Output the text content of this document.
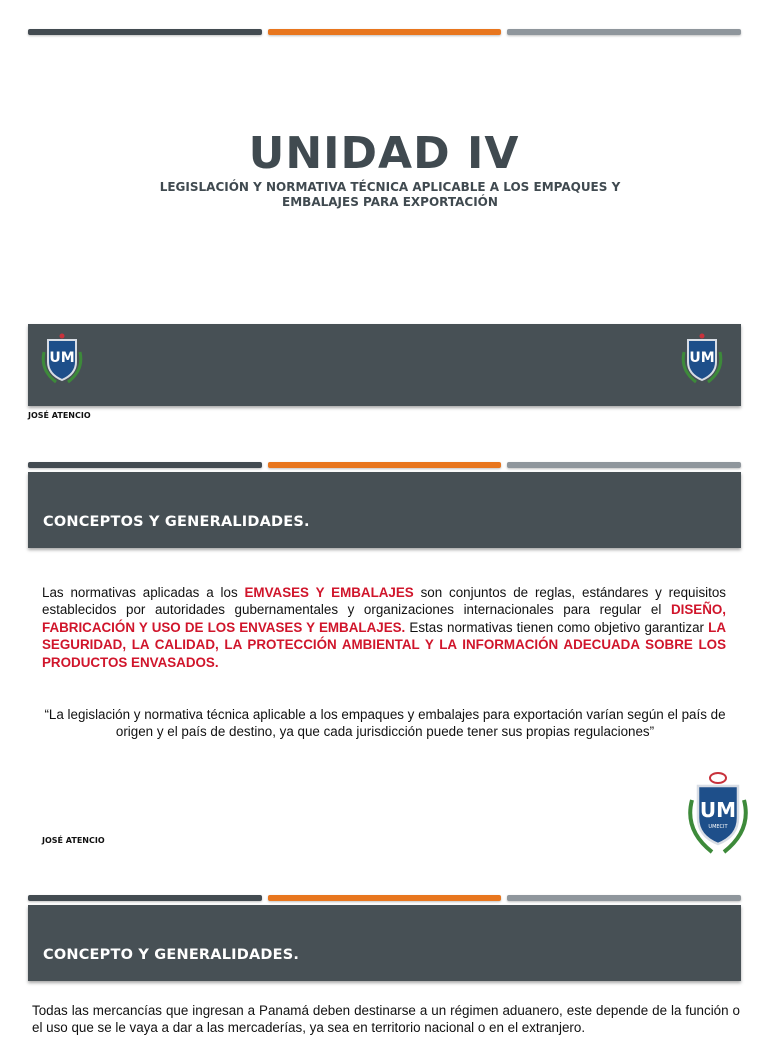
UNIDAD IV
LEGISLACIÓN Y NORMATIVA TÉCNICA APLICABLE A LOS EMPAQUES Y EMBALAJES PARA EXPORTACIÓN
UM	UM
JOSÉ ATENCIO
CONCEPTOS Y GENERALIDADES.
Las normativas aplicadas a los EMVASES Y EMBALAJES son conjuntos de reglas, estándares y requisitos establecidos por autoridades gubernamentales y organizaciones internacionales para regular el DISEÑO, FABRICACIÓN Y USO DE LOS ENVASES Y EMBALAJES. Estas normativas tienen como objetivo garantizar LA SEGURIDAD, LA CALIDAD, LA PROTECCIÓN AMBIENTAL Y LA INFORMACIÓN ADECUADA SOBRE LOS PRODUCTOS ENVASADOS.
“La legislación y normativa técnica aplicable a los empaques y embalajes para exportación varían según el país de origen y el país de destino, ya que cada jurisdicción puede tener sus propias regulaciones”
JOSÉ ATENCIO
UM
UMECIT
CONCEPTO Y GENERALIDADES.
Todas las mercancías que ingresan a Panamá deben destinarse a un régimen aduanero, este depende de la función o el uso que se le vaya a dar a las mercaderías, ya sea en territorio nacional o en el extranjero.
